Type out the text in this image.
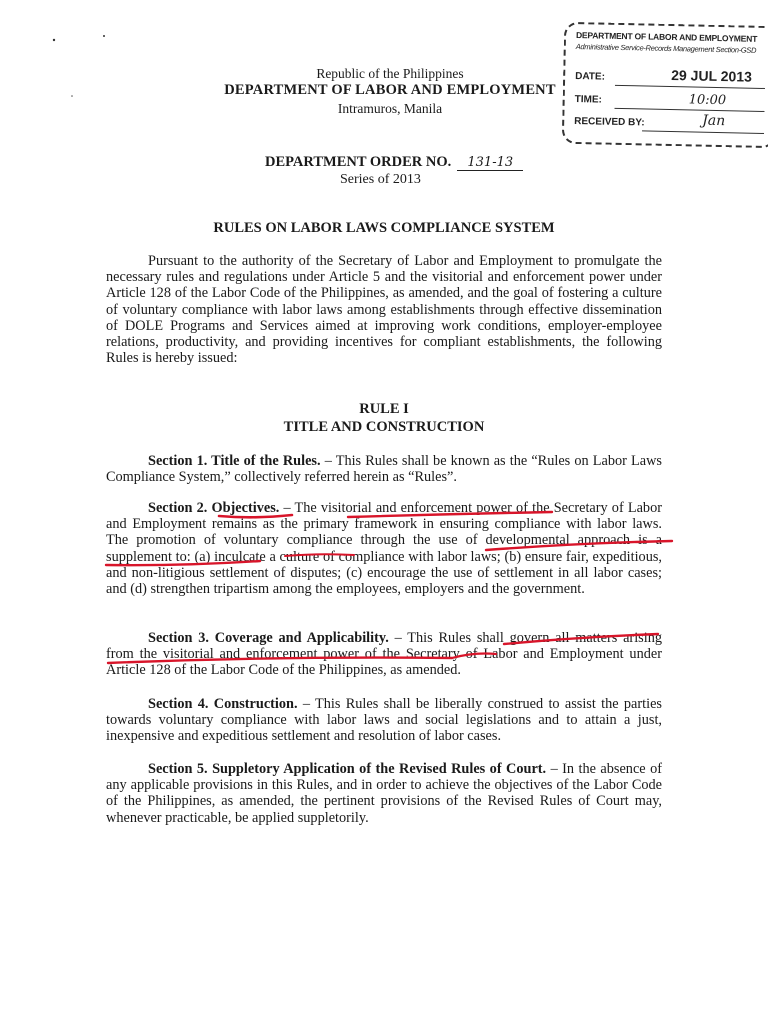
Republic of the Philippines
DEPARTMENT OF LABOR AND EMPLOYMENT
Intramuros, Manila
DEPARTMENT OF LABOR AND EMPLOYMENT
Administrative Service-Records Management Section-GSD
DATE:	29 JUL 2013
TIME:	10:00
RECEIVED BY:	Jan
DEPARTMENT ORDER NO. 131-13
Series of 2013
RULES ON LABOR LAWS COMPLIANCE SYSTEM
Pursuant to the authority of the Secretary of Labor and Employment to promulgate the necessary rules and regulations under Article 5 and the visitorial and enforcement power under Article 128 of the Labor Code of the Philippines, as amended, and the goal of fostering a culture of voluntary compliance with labor laws among establishments through effective dissemination of DOLE Programs and Services aimed at improving work conditions, employer-employee relations, productivity, and providing incentives for compliant establishments, the following Rules is hereby issued:
RULE I
TITLE AND CONSTRUCTION
Section 1. Title of the Rules. – This Rules shall be known as the “Rules on Labor Laws Compliance System,” collectively referred herein as “Rules”.
Section 2. Objectives. – The visitorial and enforcement power of the Secretary of Labor and Employment remains as the primary framework in ensuring compliance with labor laws. The promotion of voluntary compliance through the use of developmental approach is a supplement to: (a) inculcate a culture of compliance with labor laws; (b) ensure fair, expeditious, and non-litigious settlement of disputes; (c) encourage the use of settlement in all labor cases; and (d) strengthen tripartism among the employees, employers and the government.
Section 3. Coverage and Applicability. – This Rules shall govern all matters arising from the visitorial and enforcement power of the Secretary of Labor and Employment under Article 128 of the Labor Code of the Philippines, as amended.
Section 4. Construction. – This Rules shall be liberally construed to assist the parties towards voluntary compliance with labor laws and social legislations and to attain a just, inexpensive and expeditious settlement and resolution of labor cases.
Section 5. Suppletory Application of the Revised Rules of Court. – In the absence of any applicable provisions in this Rules, and in order to achieve the objectives of the Labor Code of the Philippines, as amended, the pertinent provisions of the Revised Rules of Court may, whenever practicable, be applied suppletorily.
